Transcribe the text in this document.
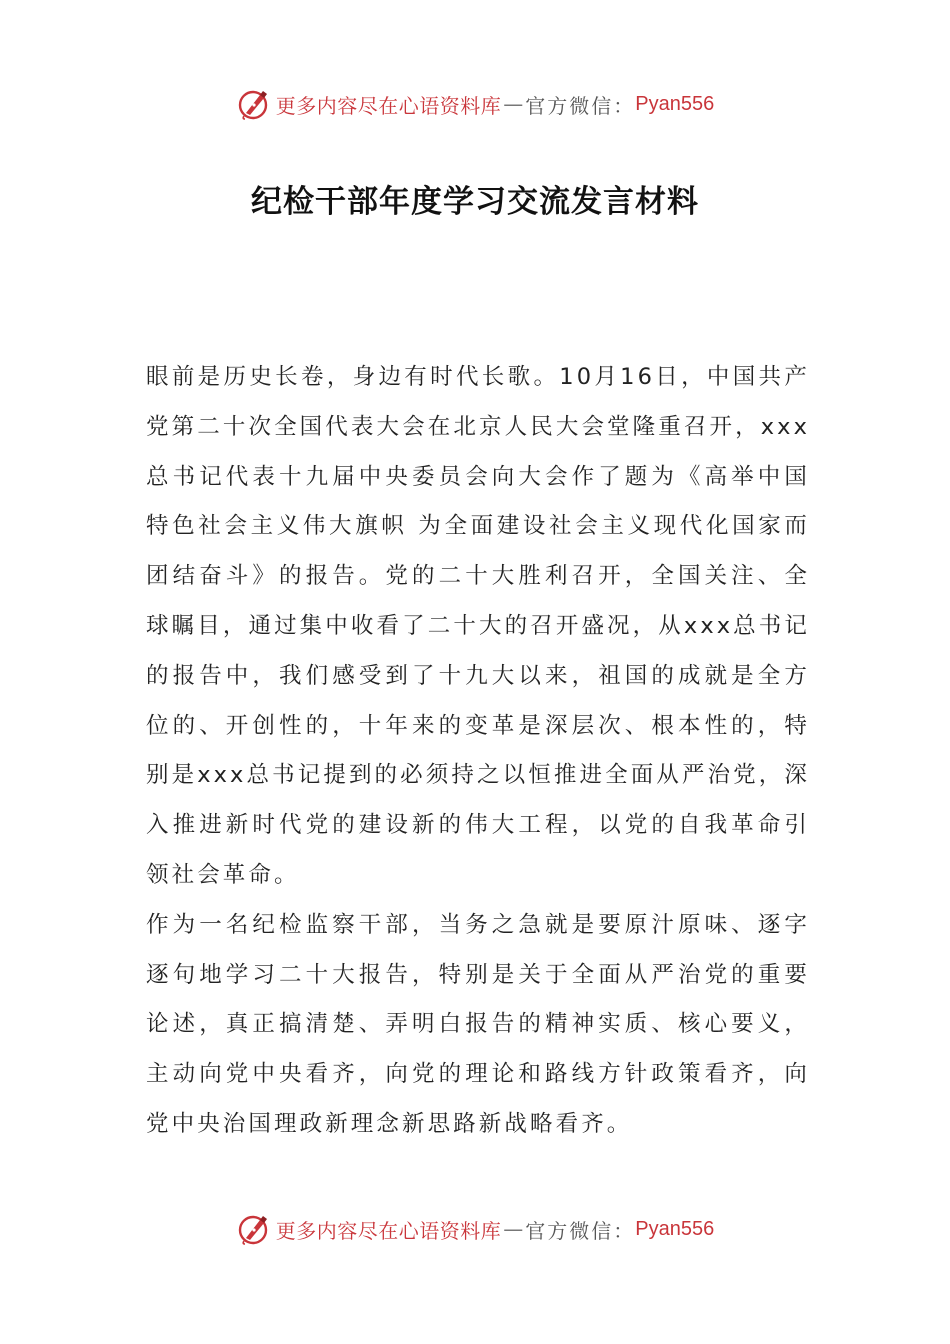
更多内容尽在心语资料库 — 官方微信： Pyan556
纪检干部年度学习交流发言材料

眼前是历史长卷，身边有时代长歌。10月16日，中国共产党第二十次全国代表大会在北京人民大会堂隆重召开，xxx总书记代表十九届中央委员会向大会作了题为《高举中国特色社会主义伟大旗帜 为全面建设社会主义现代化国家而团结奋斗》的报告。党的二十大胜利召开，全国关注、全球瞩目，通过集中收看了二十大的召开盛况，从xxx总书记的报告中，我们感受到了十九大以来，祖国的成就是全方位的、开创性的，十年来的变革是深层次、根本性的，特别是xxx总书记提到的必须持之以恒推进全面从严治党，深入推进新时代党的建设新的伟大工程，以党的自我革命引领社会革命。

作为一名纪检监察干部，当务之急就是要原汁原味、逐字逐句地学习二十大报告，特别是关于全面从严治党的重要论述，真正搞清楚、弄明白报告的精神实质、核心要义，主动向党中央看齐，向党的理论和路线方针政策看齐，向党中央治国理政新理念新思路新战略看齐。

更多内容尽在心语资料库 — 官方微信： Pyan556
